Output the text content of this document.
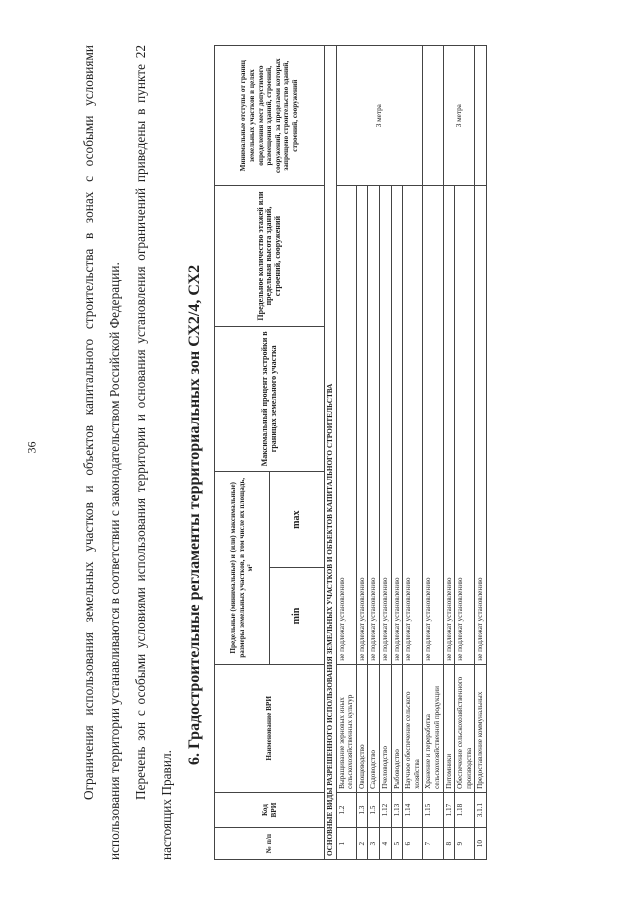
36	Ограничения использования земельных участков и объектов капитального строительства в зонах с особыми условиями использования территории устанавливаются в соответствии с законодательством Российской Федерации. Перечень зон с особыми условиями использования территории и основания установления ограничений приведены в пункте 22 настоящих Правил.

6. Градостроительные регламенты территориальных зон СХ2/4, СХ2
№ п/п	Код ВРИ	Наименование ВРИ	Предельные (минимальные) и (или) максимальные) размеры земельных участков, в том числе их площадь, м²		Максимальный процент застройки в границах земельного участка	Предельное количество этажей или предельная высота зданий, строений, сооружений	Минимальные отступы от границ земельных участков в целях определения мест допустимого размещения зданий, строений, сооружений, за пределами которых запрещено строительство зданий, строений, сооружений
			min	max			
ОСНОВНЫЕ ВИДЫ РАЗРЕШЕННОГО ИСПОЛЬЗОВАНИЯ ЗЕМЕЛЬНЫХ УЧАСТКОВ И ОБЪЕКТОВ КАПИТАЛЬНОГО СТРОИТЕЛЬСТВА							
1	1.2	Выращивание зерновых иных сельскохозяйственных культур	не подлежат установлению				3 метра
2	1.3	Овощеводство	не подлежат установлению				
3	1.5	Садоводство	не подлежат установлению				
4	1.12	Пчеловодство	не подлежат установлению				
5	1.13	Рыбоводство	не подлежат установлению				
6	1.14	Научное обеспечение сельского хозяйства	не подлежат установлению				
7	1.15	Хранение и переработка сельскохозяйственной продукции	не подлежат установлению				
8	1.17	Питомники	не подлежат установлению				3 метра
9	1.18	Обеспечение сельскохозяйственного производства	не подлежат установлению				
10	3.1.1	Предоставление коммунальных	не подлежат установлению				
